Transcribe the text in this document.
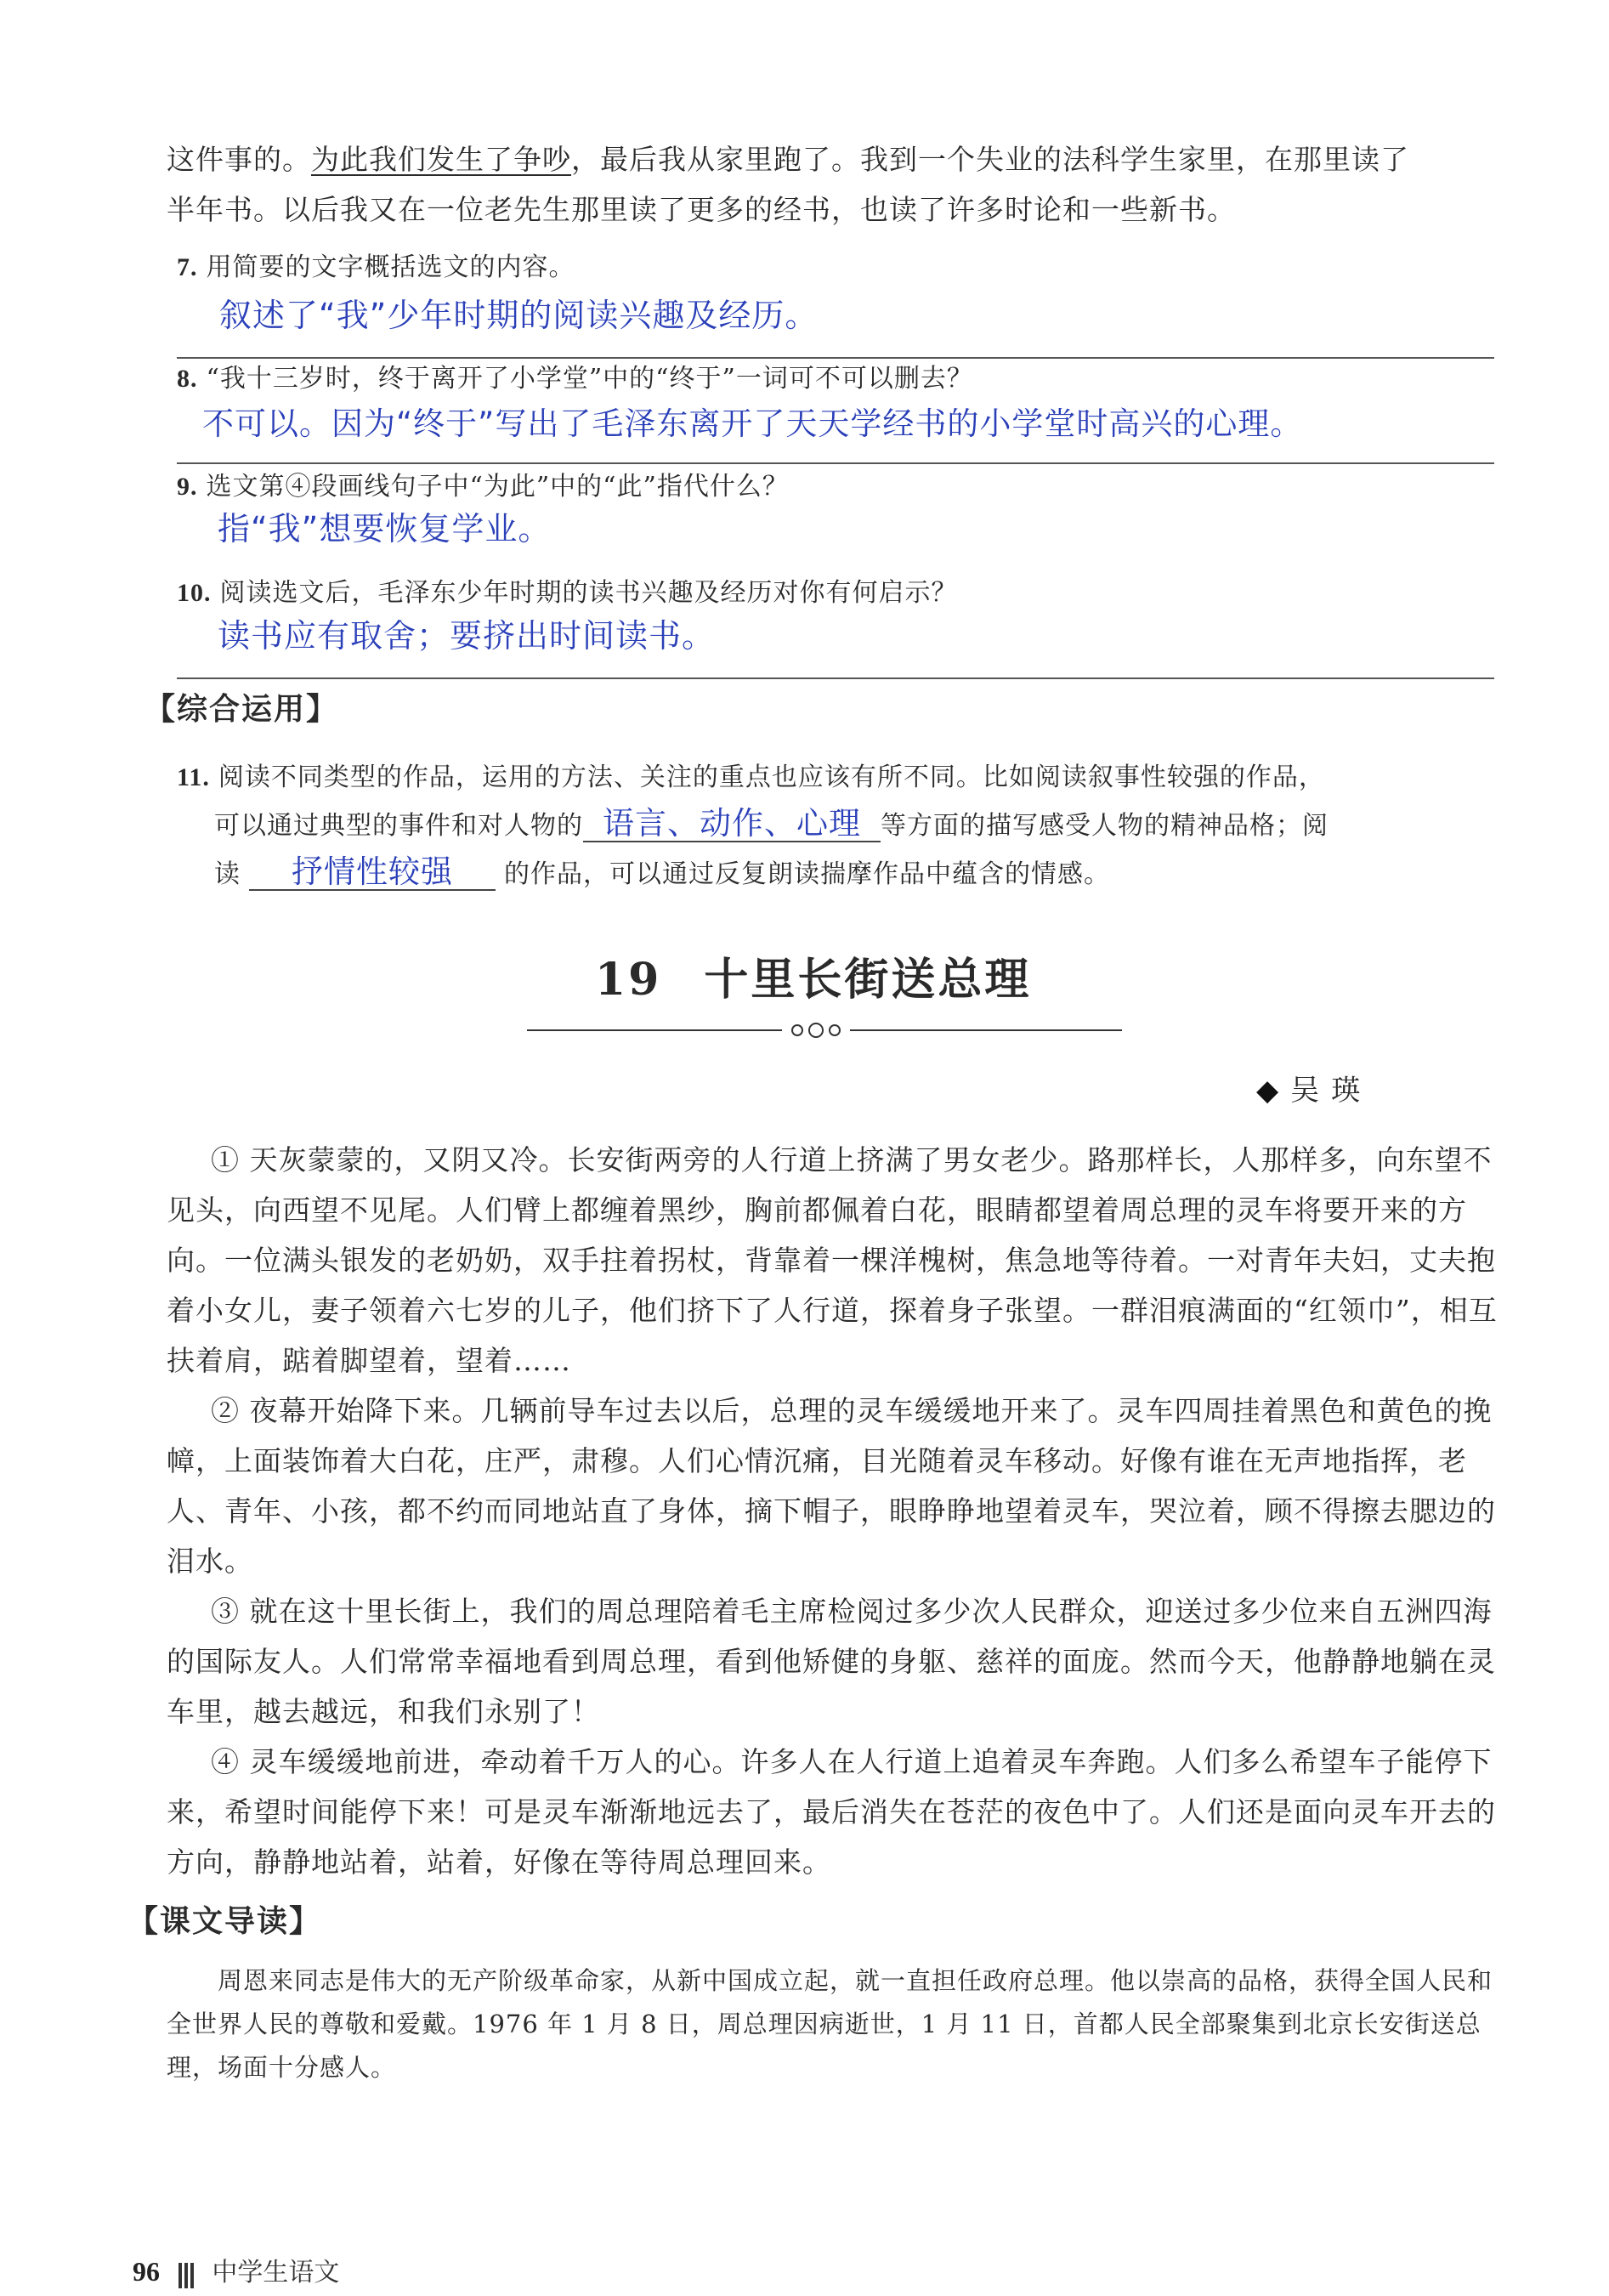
这件事的。为此我们发生了争吵，最后我从家里跑了。我到一个失业的法科学生家里，在那里读了
半年书。以后我又在一位老先生那里读了更多的经书，也读了许多时论和一些新书。
7. 用简要的文字概括选文的内容。
叙述了“我”少年时期的阅读兴趣及经历。
8. “我十三岁时，终于离开了小学堂”中的“终于”一词可不可以删去？
不可以。因为“终于”写出了毛泽东离开了天天学经书的小学堂时高兴的心理。
9. 选文第④段画线句子中“为此”中的“此”指代什么？
指“我”想要恢复学业。
10. 阅读选文后，毛泽东少年时期的读书兴趣及经历对你有何启示？
读书应有取舍；要挤出时间读书。
【综合运用】
11. 阅读不同类型的作品，运用的方法、关注的重点也应该有所不同。比如阅读叙事性较强的作品，
可以通过典型的事件和对人物的 语言、动作、心理 等方面的描写感受人物的精神品格；阅
读 抒情性较强 的作品，可以通过反复朗读揣摩作品中蕴含的情感。
19 十里长街送总理
◆ 吴瑛

① 天灰蒙蒙的，又阴又冷。长安街两旁的人行道上挤满了男女老少。路那样长，人那样多，向东望不见头，向西望不见尾。人们臂上都缠着黑纱，胸前都佩着白花，眼睛都望着周总理的灵车将要开来的方向。一位满头银发的老奶奶，双手拄着拐杖，背靠着一棵洋槐树，焦急地等待着。一对青年夫妇，丈夫抱着小女儿，妻子领着六七岁的儿子，他们挤下了人行道，探着身子张望。一群泪痕满面的“红领巾”，相互扶着肩，踮着脚望着，望着……

② 夜幕开始降下来。几辆前导车过去以后，总理的灵车缓缓地开来了。灵车四周挂着黑色和黄色的挽幛，上面装饰着大白花，庄严，肃穆。人们心情沉痛，目光随着灵车移动。好像有谁在无声地指挥，老人、青年、小孩，都不约而同地站直了身体，摘下帽子，眼睁睁地望着灵车，哭泣着，顾不得擦去腮边的泪水。

③ 就在这十里长街上，我们的周总理陪着毛主席检阅过多少次人民群众，迎送过多少位来自五洲四海的国际友人。人们常常幸福地看到周总理，看到他矫健的身躯、慈祥的面庞。然而今天，他静静地躺在灵车里，越去越远，和我们永别了！

④ 灵车缓缓地前进，牵动着千万人的心。许多人在人行道上追着灵车奔跑。人们多么希望车子能停下来，希望时间能停下来！可是灵车渐渐地远去了，最后消失在苍茫的夜色中了。人们还是面向灵车开去的方向，静静地站着，站着，好像在等待周总理回来。

【课文导读】
周恩来同志是伟大的无产阶级革命家，从新中国成立起，就一直担任政府总理。他以崇高的品格，获得全国人民和全世界人民的尊敬和爱戴。1976 年 1 月 8 日，周总理因病逝世，1 月 11 日，首都人民全部聚集到北京长安街送总理，场面十分感人。
96 中学生语文
